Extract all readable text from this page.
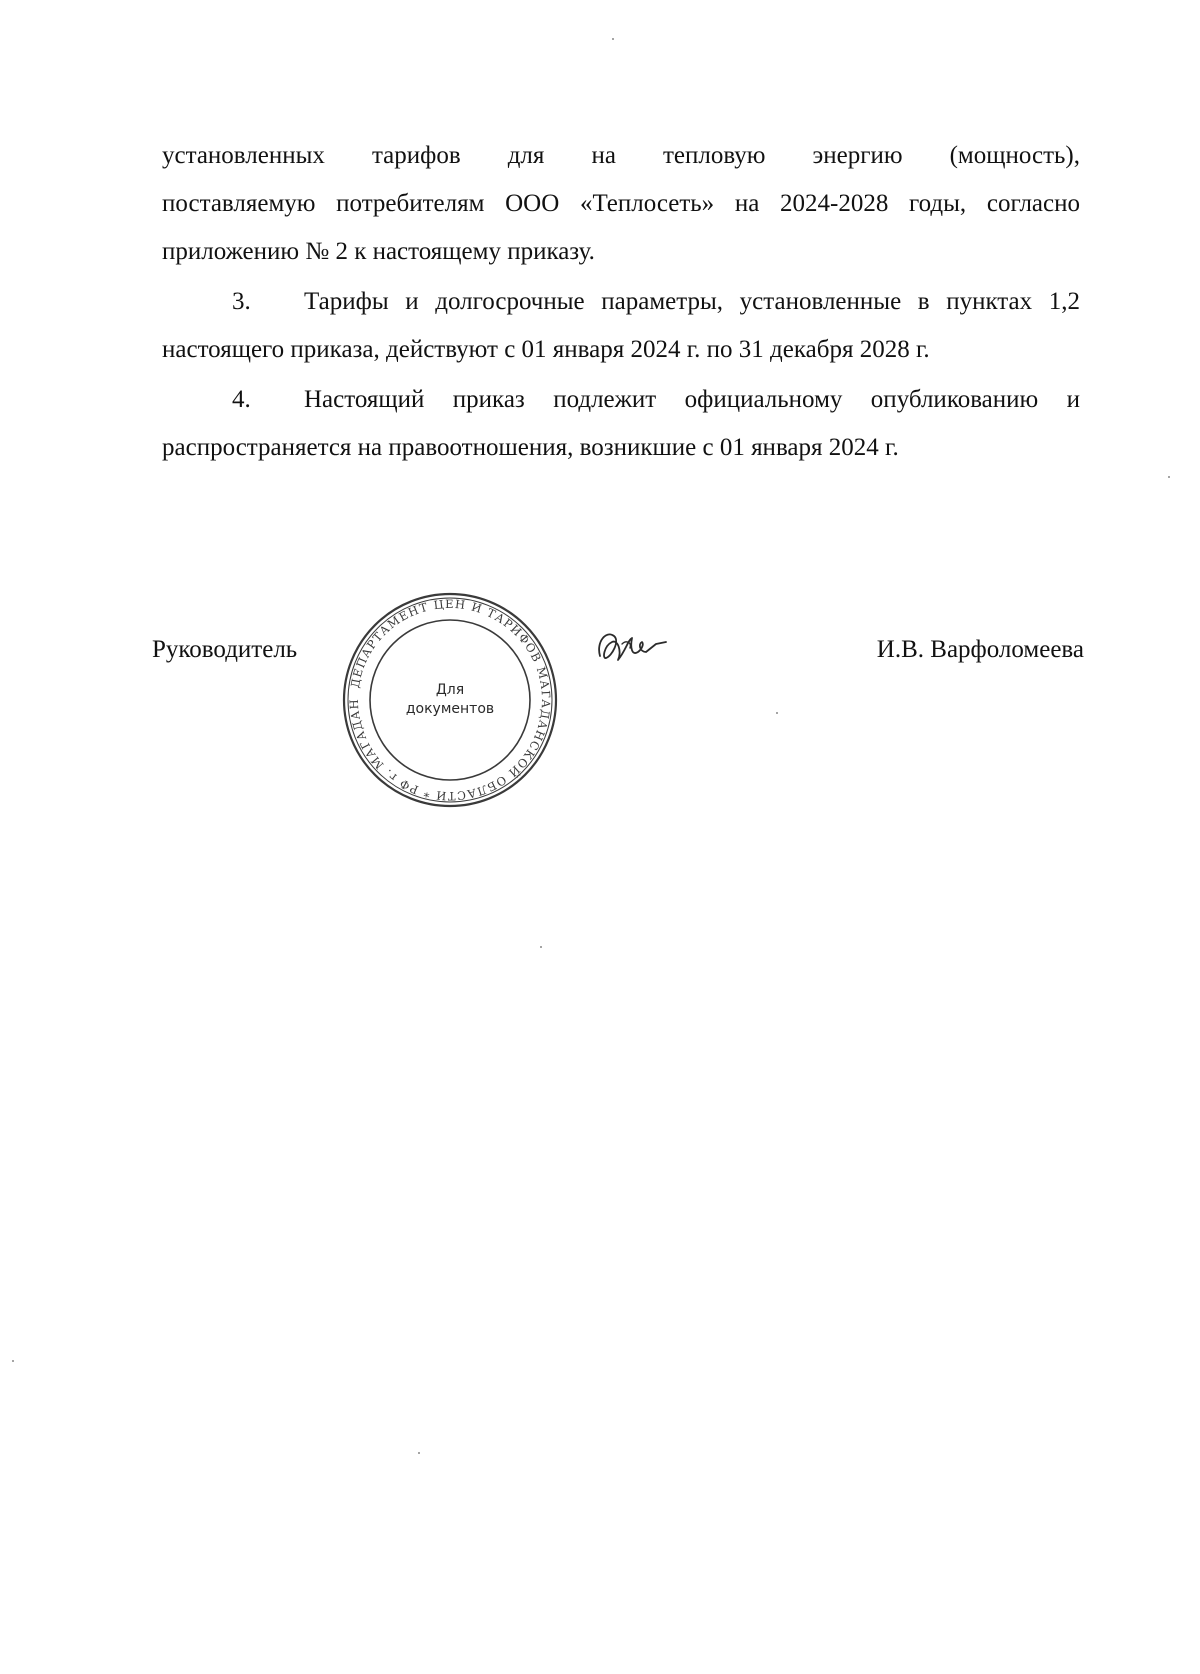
установленных тарифов для на тепловую энергию (мощность),

поставляемую потребителям ООО «Теплосеть» на 2024-2028 годы, согласно приложению № 2 к настоящему приказу.

3. Тарифы и долгосрочные параметры, установленные в пунктах 1,2 настоящего приказа, действуют с 01 января 2024 г. по 31 декабря 2028 г.

4. Настоящий приказ подлежит официальному опубликованию и распространяется на правоотношения, возникшие с 01 января 2024 г.

Руководитель
ДЕПАРТАМЕНТ ЦЕН И ТАРИФОВ МАГАДАНСКОЙ ОБЛАСТИ * РФ г. МАГАДАН
Для
документов
И.В. Варфоломеева
